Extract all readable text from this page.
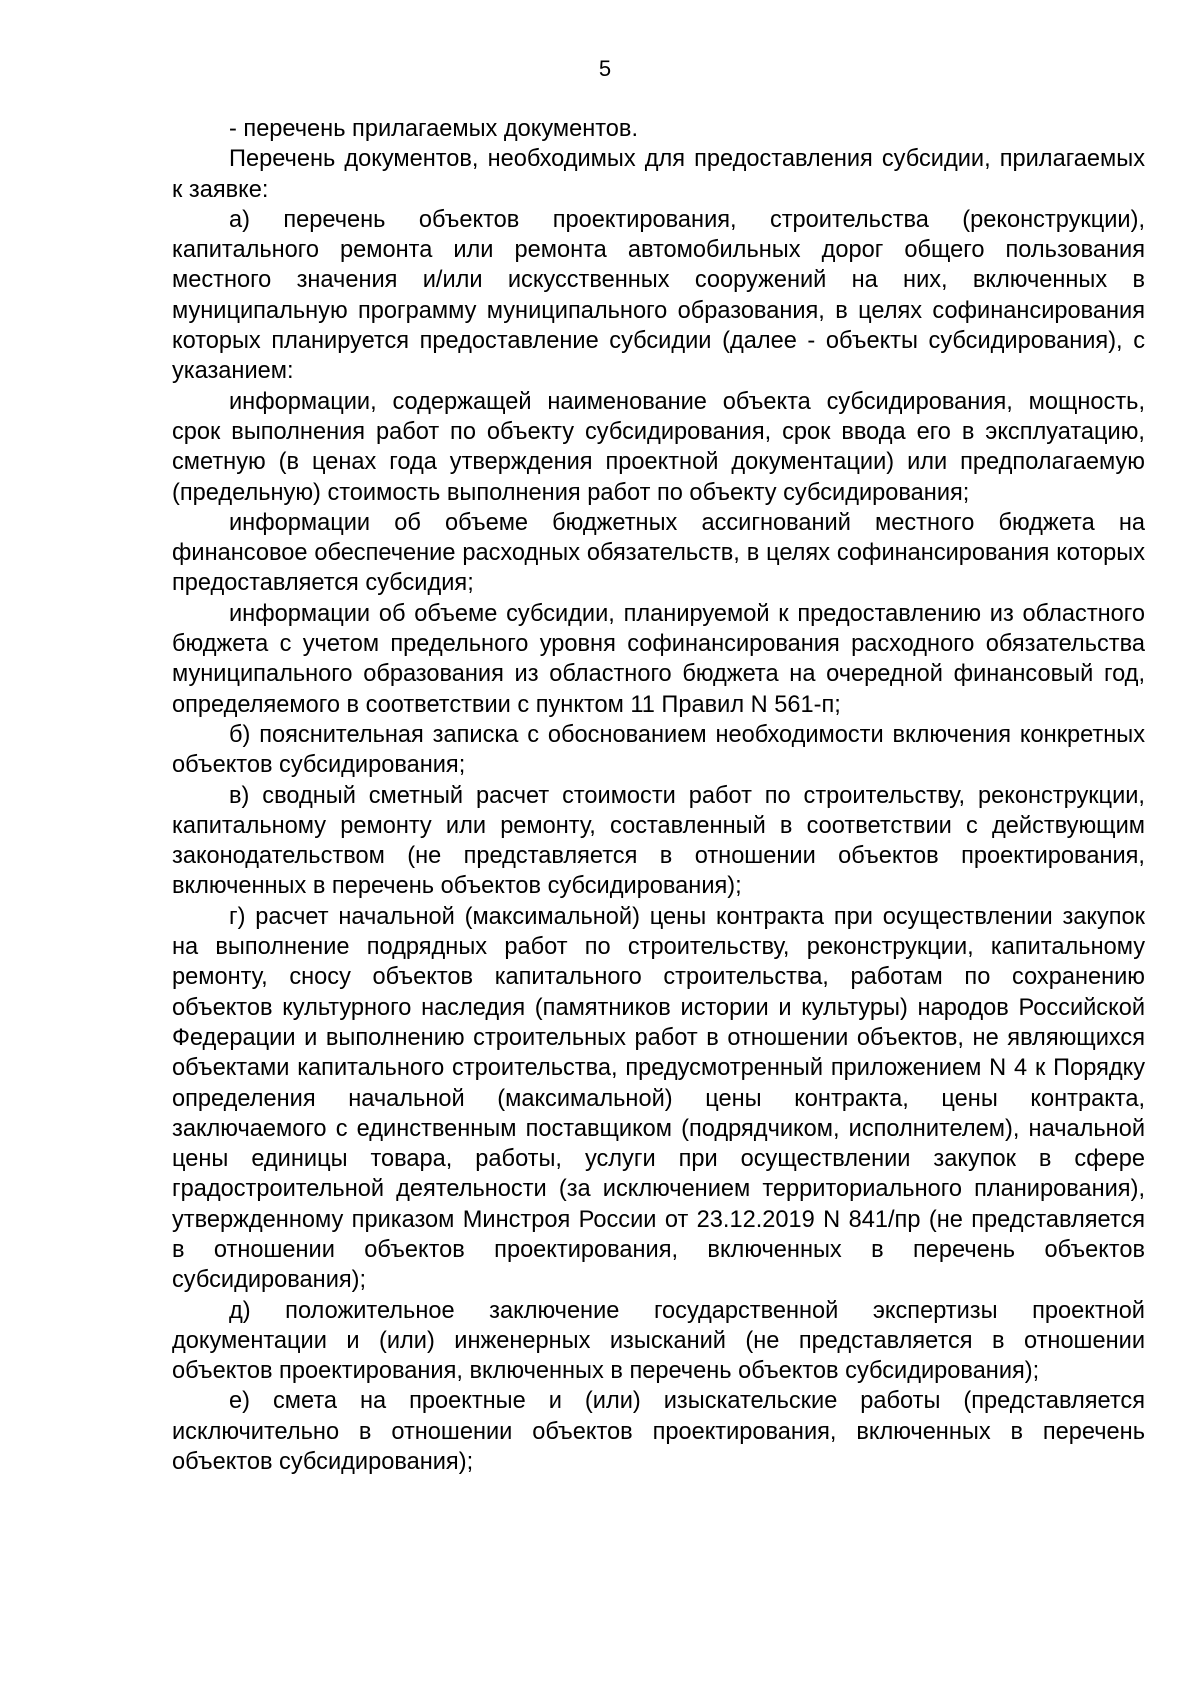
5

- перечень прилагаемых документов.

Перечень документов, необходимых для предоставления субсидии, прилагаемых к заявке:

а) перечень объектов проектирования, строительства (реконструкции), капитального ремонта или ремонта автомобильных дорог общего пользования местного значения и/или искусственных сооружений на них, включенных в муниципальную программу муниципального образования, в целях софинансирования которых планируется предоставление субсидии (далее - объекты субсидирования), с указанием:

информации, содержащей наименование объекта субсидирования, мощность, срок выполнения работ по объекту субсидирования, срок ввода его в эксплуатацию, сметную (в ценах года утверждения проектной документации) или предполагаемую (предельную) стоимость выполнения работ по объекту субсидирования;

информации об объеме бюджетных ассигнований местного бюджета на финансовое обеспечение расходных обязательств, в целях софинансирования которых предоставляется субсидия;

информации об объеме субсидии, планируемой к предоставлению из областного бюджета с учетом предельного уровня софинансирования расходного обязательства муниципального образования из областного бюджета на очередной финансовый год, определяемого в соответствии с пунктом 11 Правил N 561-п;

б) пояснительная записка с обоснованием необходимости включения конкретных объектов субсидирования;

в) сводный сметный расчет стоимости работ по строительству, реконструкции, капитальному ремонту или ремонту, составленный в соответствии с действующим законодательством (не представляется в отношении объектов проектирования, включенных в перечень объектов субсидирования);

г) расчет начальной (максимальной) цены контракта при осуществлении закупок на выполнение подрядных работ по строительству, реконструкции, капитальному ремонту, сносу объектов капитального строительства, работам по сохранению объектов культурного наследия (памятников истории и культуры) народов Российской Федерации и выполнению строительных работ в отношении объектов, не являющихся объектами капитального строительства, предусмотренный приложением N 4 к Порядку определения начальной (максимальной) цены контракта, цены контракта, заключаемого с единственным поставщиком (подрядчиком, исполнителем), начальной цены единицы товара, работы, услуги при осуществлении закупок в сфере градостроительной деятельности (за исключением территориального планирования), утвержденному приказом Минстроя России от 23.12.2019 N 841/пр (не представляется в отношении объектов проектирования, включенных в перечень объектов субсидирования);

д) положительное заключение государственной экспертизы проектной документации и (или) инженерных изысканий (не представляется в отношении объектов проектирования, включенных в перечень объектов субсидирования);

е) смета на проектные и (или) изыскательские работы (представляется исключительно в отношении объектов проектирования, включенных в перечень объектов субсидирования);
